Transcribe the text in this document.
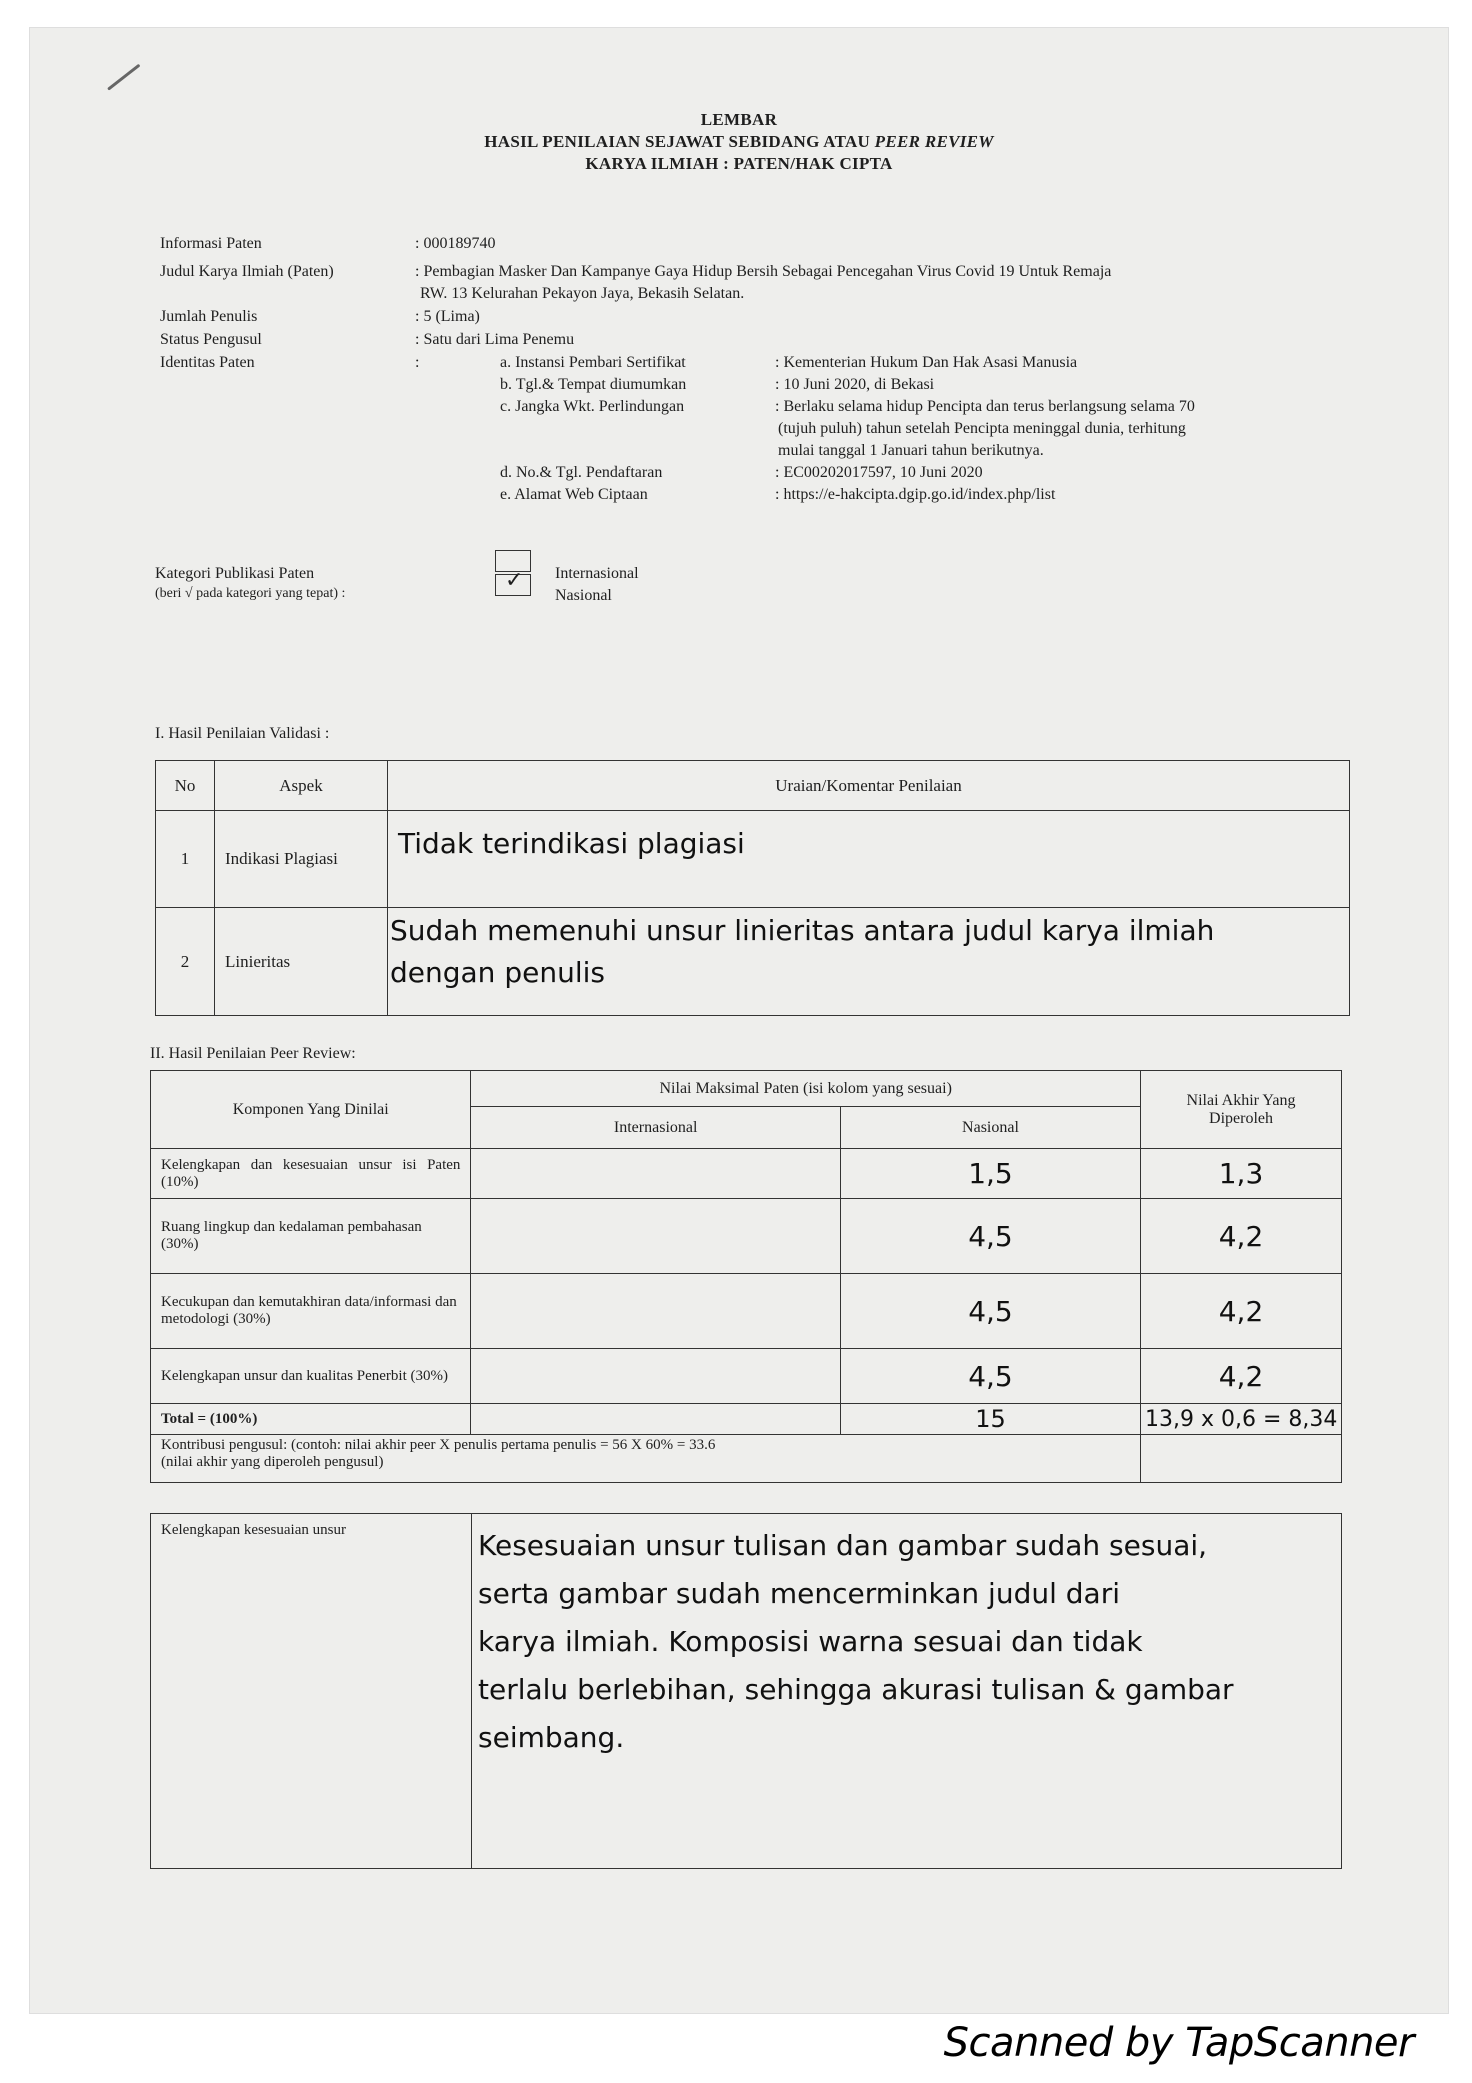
LEMBAR
HASIL PENILAIAN SEJAWAT SEBIDANG ATAU PEER REVIEW
KARYA ILMIAH : PATEN/HAK CIPTA
Informasi Paten	: 000189740
Judul Karya Ilmiah (Paten)	: Pembagian Masker Dan Kampanye Gaya Hidup Bersih Sebagai Pencegahan Virus Covid 19 Untuk Remaja
RW. 13 Kelurahan Pekayon Jaya, Bekasih Selatan.
Jumlah Penulis	: 5 (Lima)
Status Pengusul	: Satu dari Lima Penemu
Identitas Paten	:	a. Instansi Pembari Sertifikat	: Kementerian Hukum Dan Hak Asasi Manusia
b. Tgl.& Tempat diumumkan	: 10 Juni 2020, di Bekasi
c. Jangka Wkt. Perlindungan	: Berlaku selama hidup Pencipta dan terus berlangsung selama 70
(tujuh puluh) tahun setelah Pencipta meninggal dunia, terhitung
mulai tanggal 1 Januari tahun berikutnya.
d. No.& Tgl. Pendaftaran	: EC00202017597, 10 Juni 2020
e. Alamat Web Ciptaan	: https://e-hakcipta.dgip.go.id/index.php/list
Kategori Publikasi Paten
(beri √ pada kategori yang tepat) :
✓ Internasional
Nasional
I. Hasil Penilaian Validasi :
No	Aspek	Uraian/Komentar Penilaian
1	Indikasi Plagiasi	Tidak terindikasi plagiasi

2	Linieritas	Sudah memenuhi unsur linieritas antara judul karya ilmiah
dengan penulis
II. Hasil Penilaian Peer Review:
Komponen Yang Dinilai	Nilai Maksimal Paten (isi kolom yang sesuai)		Nilai Akhir Yang
Diperoleh

	Internasional	Nasional	
Kelengkapan dan kesesuaian unsur isi Paten (10%)		1,5	1,3
Ruang lingkup dan kedalaman pembahasan (30%)		4,5	4,2
Kecukupan dan kemutakhiran data/informasi dan metodologi (30%)		4,5	4,2
Kelengkapan unsur dan kualitas Penerbit (30%)		4,5	4,2
Total = (100%)		15	13,9 x 0,6 = 8,34

Kontribusi pengusul: (contoh: nilai akhir peer X penulis pertama penulis = 56 X 60% = 33.6
(nilai akhir yang diperoleh pengusul)			

Kelengkapan kesesuaian unsur	Kesesuaian unsur tulisan dan gambar sudah sesuai,
serta gambar sudah mencerminkan judul dari
karya ilmiah. Komposisi warna sesuai dan tidak
terlalu berlebihan, sehingga akurasi tulisan & gambar
seimbang.
Scanned by TapScanner
